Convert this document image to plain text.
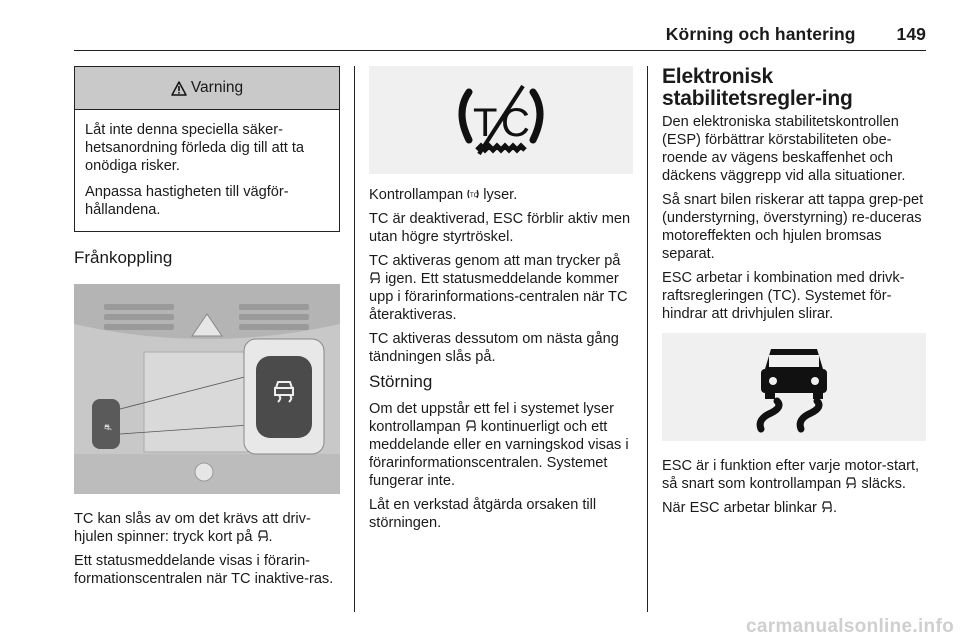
Körning och hantering 149
Varning

Låt inte denna speciella säker-hetsanordning förleda dig till att ta onödiga risker.

Anpassa hastigheten till vägför-hållandena.

Frånkoppling
⛐

TC kan slås av om det krävs att driv-hjulen spinner: tryck kort på .

Ett statusmeddelande visas i förarin-formationscentralen när TC inaktive-ras.

T C

Kontrollampan TC lyser.

TC är deaktiverad, ESC förblir aktiv men utan högre styrtröskel.

TC aktiveras genom att man trycker på  igen. Ett statusmeddelande kommer upp i förarinformations-centralen när TC återaktiveras.

TC aktiveras dessutom om nästa gång tändningen slås på.

Störning

Om det uppstår ett fel i systemet lyser kontrollampan kontinuerligt och ett meddelande eller en varningskod visas i förarinformationscentralen. Systemet fungerar inte.

Låt en verkstad åtgärda orsaken till störningen.

Elektronisk stabilitetsregler-ing

Den elektroniska stabilitetskontrollen (ESP) förbättrar körstabiliteten obe-roende av vägens beskaffenhet och däckens väggrepp vid alla situationer.

Så snart bilen riskerar att tappa grep-pet (understyrning, överstyrning) re-duceras motoreffekten och hjulen bromsas separat.

ESC arbetar i kombination med drivk-raftsregleringen (TC). Systemet för-hindrar att drivhjulen slirar.

ESC är i funktion efter varje motor-start, så snart som kontrollampan släcks.

När ESC arbetar blinkar .

carmanualsonline.info
